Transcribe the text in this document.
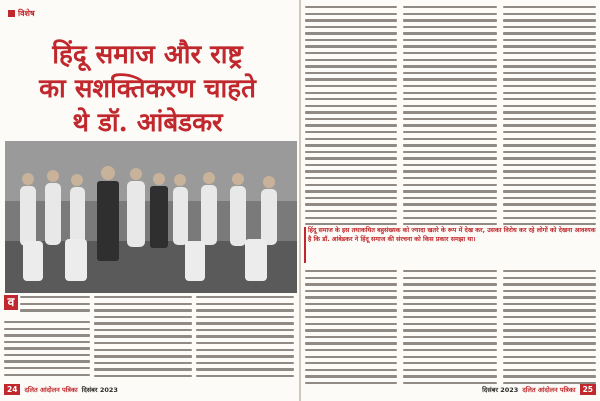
विशेष
हिंदू समाज और राष्ट्र
का सशक्तिकरण चाहते
थे डॉ. आंबेडकर
व
24	दलित आंदोलन पत्रिका दिसंबर 2023
हिंदू समाज के इस तथाकथित बहुसंख्यक को ज्यादा खतरे के रूप में देख कर, उसका विरोध कर रहे लोगों को देखना आवश्यक है कि डॉ. आंबेडकर ने हिंदू समाज की संरचना को किस प्रकार समझा था।
दिसंबर 2023 दलित आंदोलन पत्रिका 25
